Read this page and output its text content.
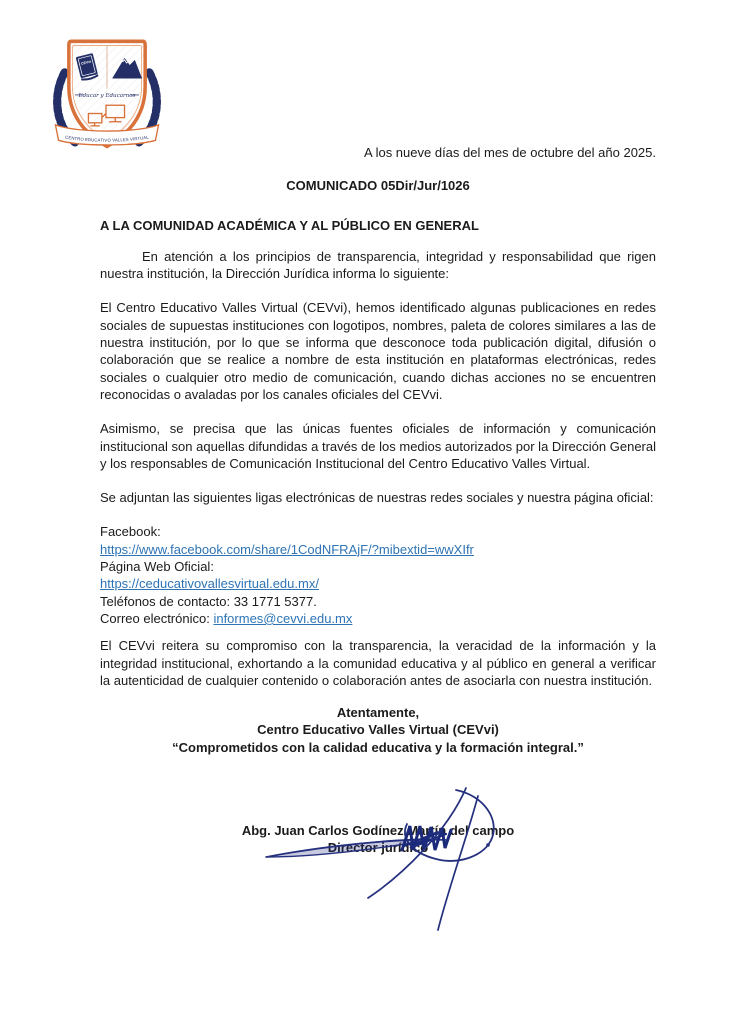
CEVvi
Educar y Educarnos
CENTRO EDUCATIVO VALLES VIRTUAL

A los nueve días del mes de octubre del año 2025.

COMUNICADO 05Dir/Jur/1026

A LA COMUNIDAD ACADÉMICA Y AL PÚBLICO EN GENERAL

En atención a los principios de transparencia, integridad y responsabilidad que rigen nuestra institución, la Dirección Jurídica informa lo siguiente:

El Centro Educativo Valles Virtual (CEVvi), hemos identificado algunas publicaciones en redes sociales de supuestas instituciones con logotipos, nombres, paleta de colores similares a las de nuestra institución, por lo que se informa que desconoce toda publicación digital, difusión o colaboración que se realice a nombre de esta institución en plataformas electrónicas, redes sociales o cualquier otro medio de comunicación, cuando dichas acciones no se encuentren reconocidas o avaladas por los canales oficiales del CEVvi.

Asimismo, se precisa que las únicas fuentes oficiales de información y comunicación institucional son aquellas difundidas a través de los medios autorizados por la Dirección General y los responsables de Comunicación Institucional del Centro Educativo Valles Virtual.

Se adjuntan las siguientes ligas electrónicas de nuestras redes sociales y nuestra página oficial:

Facebook:
https://www.facebook.com/share/1CodNFRAjF/?mibextid=wwXIfr
Página Web Oficial:
https://ceducativovallesvirtual.edu.mx/
Teléfonos de contacto: 33 1771 5377.
Correo electrónico: informes@cevvi.edu.mx

El CEVvi reitera su compromiso con la transparencia, la veracidad de la información y la integridad institucional, exhortando a la comunidad educativa y al público en general a verificar la autenticidad de cualquier contenido o colaboración antes de asociarla con nuestra institución.

Atentamente,

Centro Educativo Valles Virtual (CEVvi)

“Comprometidos con la calidad educativa y la formación integral.”

Abg. Juan Carlos Godínez Martín del campo

Director jurídico
